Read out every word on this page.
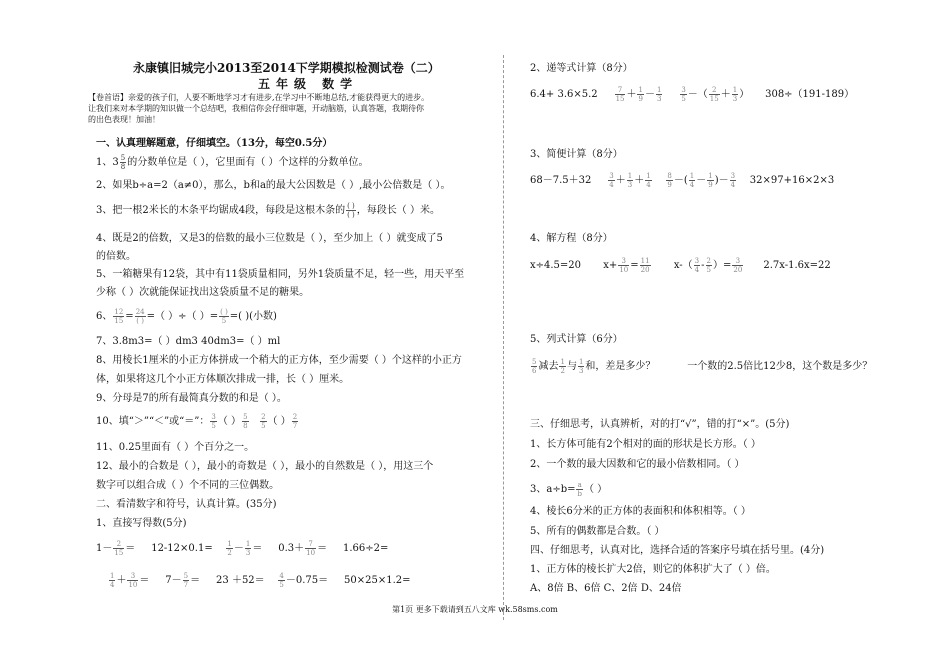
永康镇旧城完小2013至2014下学期模拟检测试卷（二）
五年级 数学
【卷首语】亲爱的孩子们，人要不断地学习才有进步,在学习中不断地总结,才能获得更大的进步。
让我们来对本学期的知识做一个总结吧，我相信你会仔细审题，开动脑筋，认真答题，我期待你
的出色表现！加油！
一、认真理解题意，仔细填空。（13分，每空0.5分）
1、$3 \frac{5}{8}$ 的分数单位是（ ），它里面有（ ）个这样的分数单位。
2、如果b÷a=2（a≠0），那么，b和a的最大公因数是（ ）,最小公倍数是（ ）。
3、把一根2米长的木条平均锯成4段，每段是这根木条的 $\frac{( )}{( )}$ ，每段长（ ）米。
4、既是2的倍数，又是3的倍数的最小三位数是（ ），至少加上（ ）就变成了5
的倍数。
5、一箱糖果有12袋，其中有11袋质量相同，另外1袋质量不足，轻一些，用天平至
少称（ ）次就能保证找出这袋质量不足的糖果。
6、 $\frac{12}{15} = \frac{24}{( )}$ =（ ）÷（ ）= $\frac{( )}{5}$ =( )(小数)
7、3.8m3=（ ）dm3 40dm3=（ ）ml
8、用棱长1厘米的小正方体拼成一个稍大的正方体，至少需要（ ）个这样的小正方
体，如果将这几个小正方体顺次排成一排，长（ ）厘米。
9、分母是7的所有最简真分数的和是（ ）。
10、填“＞”“＜”或“＝”： $\frac{3}{5}$ （ ） $\frac{5}{8}$
$\frac{2}{5}$ （ ） $\frac{2}{7}$
11、0.25里面有（ ）个百分之一。
12、最小的合数是（ ），最小的奇数是（ ），最小的自然数是（ ），用这三个
数字可以组合成（ ）个不同的三位偶数。
二、看清数字和符号，认真计算。(35分)
1、直接写得数(5分)
$1- \frac{2}{15} = 12-12\times 0.1= \frac{1}{2} - \frac{1}{3} = 0.3+ \frac{7}{10} = 1.66\div 2=$
$\frac{1}{4} + \frac{3}{10} = 7- \frac{5}{7} = 23 +52= \frac{4}{5} -0.75= 50\times 25\times 1.2=$
2、递等式计算（8分）
$6.4+ 3.6\times 5.2 \frac{7}{15} + \frac{1}{9} - \frac{1}{3}$
	$\frac{3}{5}$ －（ $\frac{2}{15} + \frac{1}{3}$ ）     308÷（191-189）
3、简便计算（8分）
$68-7.5+32 \frac{3}{4} + \frac{1}{3} + \frac{1}{4}$
$\frac{8}{9}$ －( $\frac{1}{4} - \frac{1}{9}$ )－ $\frac{3}{4} 32\times 97+16\times 2\times 3$
4、解方程（8分）
x÷4.5=20 $x+ \frac{3}{10} = \frac{11}{20} x-( \frac{3}{4} - \frac{2}{5}$ ）= $\frac{3}{20} 2.7x-1.6x=22$
5、列式计算（6分）
$\frac{5}{6}$ 减去 $\frac{1}{2}$ 与 $\frac{1}{3}$ 和，差是多少？	一个数的2.5倍比12少8，这个数是多少？
三、仔细思考，认真辨析，对的打“√”，错的打“×”。(5分)
1、长方体可能有2个相对的面的形状是长方形。（ ）
2、一个数的最大因数和它的最小倍数相同。（ ）
3、$a\div b= \frac{a}{b}$ （ ）
4、棱长6分米的正方体的表面积和体积相等。（ ）
5、所有的偶数都是合数。（ ）
四、仔细思考，认真对比，选择合适的答案序号填在括号里。(4分)
1、正方体的棱长扩大2倍，则它的体积扩大了（ ）倍。
A、8倍 B、6倍 C、2倍 D、24倍
第1页 更多下载请到五八文库 wk.58sms.com
